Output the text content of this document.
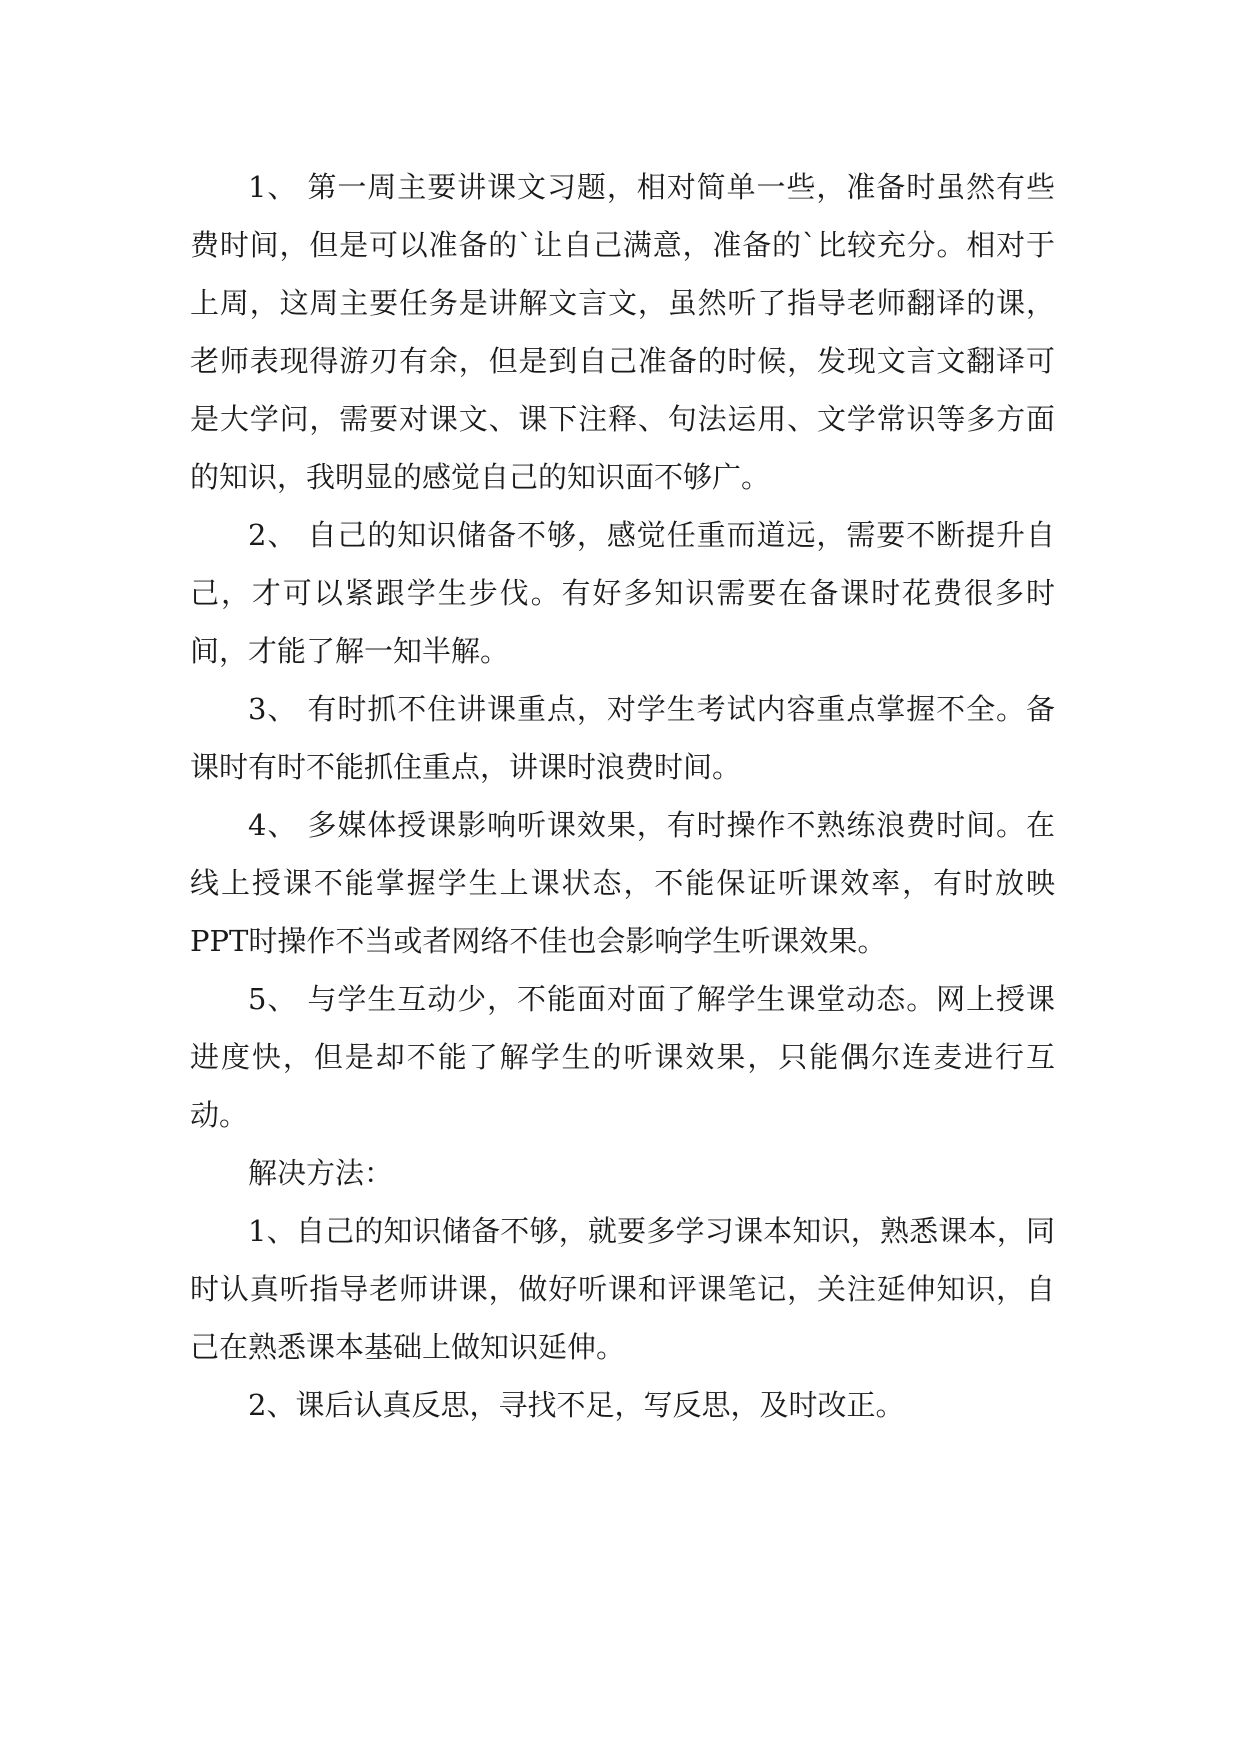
1、 第一周主要讲课文习题，相对简单一些，准备时虽然有些费时间，但是可以准备的`让自己满意，准备的`比较充分。相对于上周，这周主要任务是讲解文言文，虽然听了指导老师翻译的课，老师表现得游刃有余，但是到自己准备的时候，发现文言文翻译可是大学问，需要对课文、课下注释、句法运用、文学常识等多方面的知识，我明显的感觉自己的知识面不够广。

2、 自己的知识储备不够，感觉任重而道远，需要不断提升自己，才可以紧跟学生步伐。有好多知识需要在备课时花费很多时间，才能了解一知半解。

3、 有时抓不住讲课重点，对学生考试内容重点掌握不全。备课时有时不能抓住重点，讲课时浪费时间。

4、 多媒体授课影响听课效果，有时操作不熟练浪费时间。在线上授课不能掌握学生上课状态，不能保证听课效率，有时放映PPT时操作不当或者网络不佳也会影响学生听课效果。

5、 与学生互动少，不能面对面了解学生课堂动态。网上授课进度快，但是却不能了解学生的听课效果，只能偶尔连麦进行互动。

解决方法：

1、自己的知识储备不够，就要多学习课本知识，熟悉课本，同时认真听指导老师讲课，做好听课和评课笔记，关注延伸知识，自己在熟悉课本基础上做知识延伸。

2、课后认真反思，寻找不足，写反思，及时改正。
